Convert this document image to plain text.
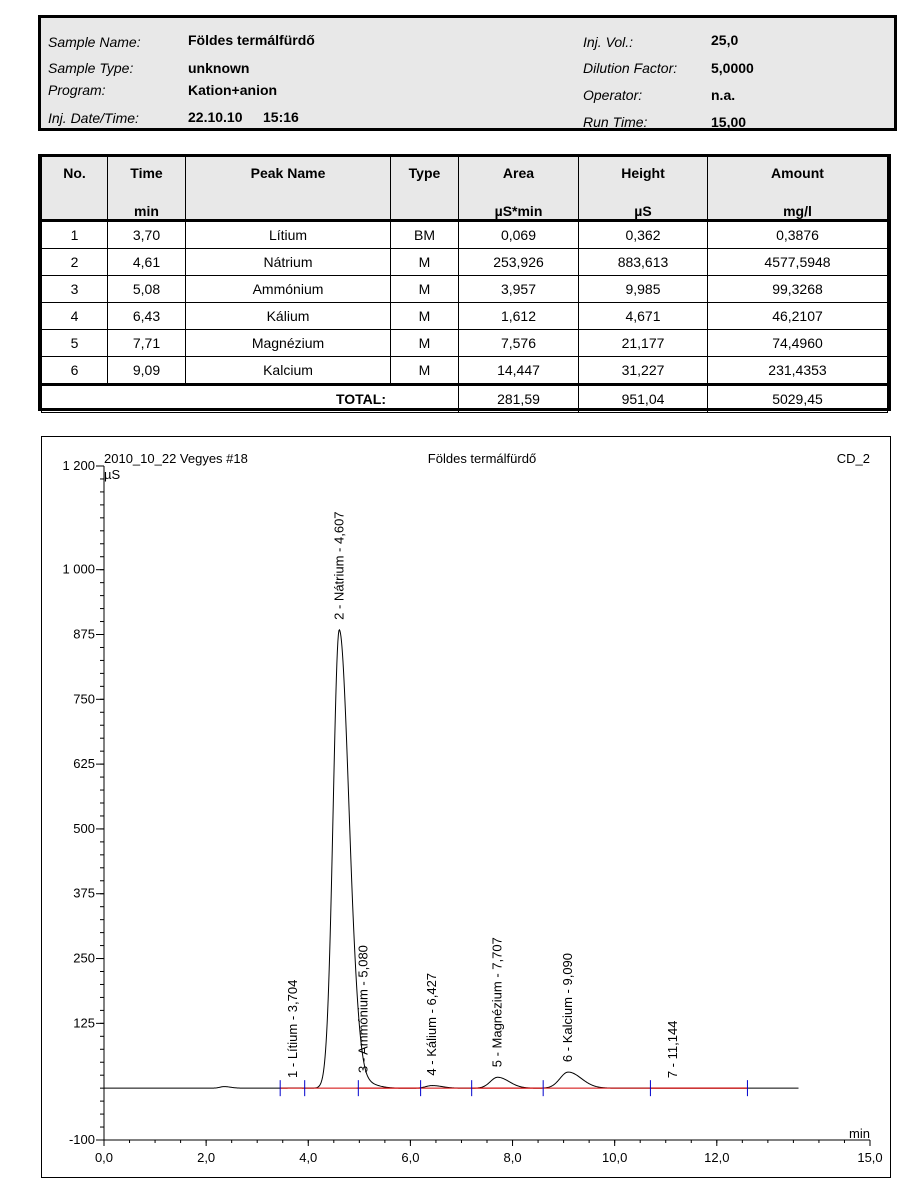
Sample Name:	Földes termálfürdő
Sample Type:	unknown
Program:	Kation+anion
Inj. Date/Time:	22.10.10 15:16
Inj. Vol.:	25,0
Dilution Factor: 5,0000
Operator:	n.a.
Run Time:	15,00
No.	Time	Peak Name	Type	Area	Height	Amount
	min			µS*min	µS	mg/l
1	3,70	Lítium	BM	0,069	0,362	0,3876
2	4,61	Nátrium	M	253,926	883,613	4577,5948
3	5,08	Ammónium	M	3,957	9,985	99,3268
4	6,43	Kálium	M	1,612	4,671	46,2107
5	7,71	Magnézium	M	7,576	21,177	74,4960
6	9,09	Kalcium	M	14,447	31,227	231,4353
TOTAL:				281,59	951,04	5029,45
2010_10_22 Vegyes #18	Földes termálfürdő	CD_2
µS
min
-100
125
250
375
500
625
750
875
1 000
1 200
0,0	2,0	4,0	6,0	8,0	10,0	12,0	15,0
1 - Lítium - 3,704
2 - Nátrium - 4,607
3 - Ammónium - 5,080	4 - Kálium - 6,427	5 - Magnézium - 7,707	6 - Kalcium - 9,090	7 - 11,144
